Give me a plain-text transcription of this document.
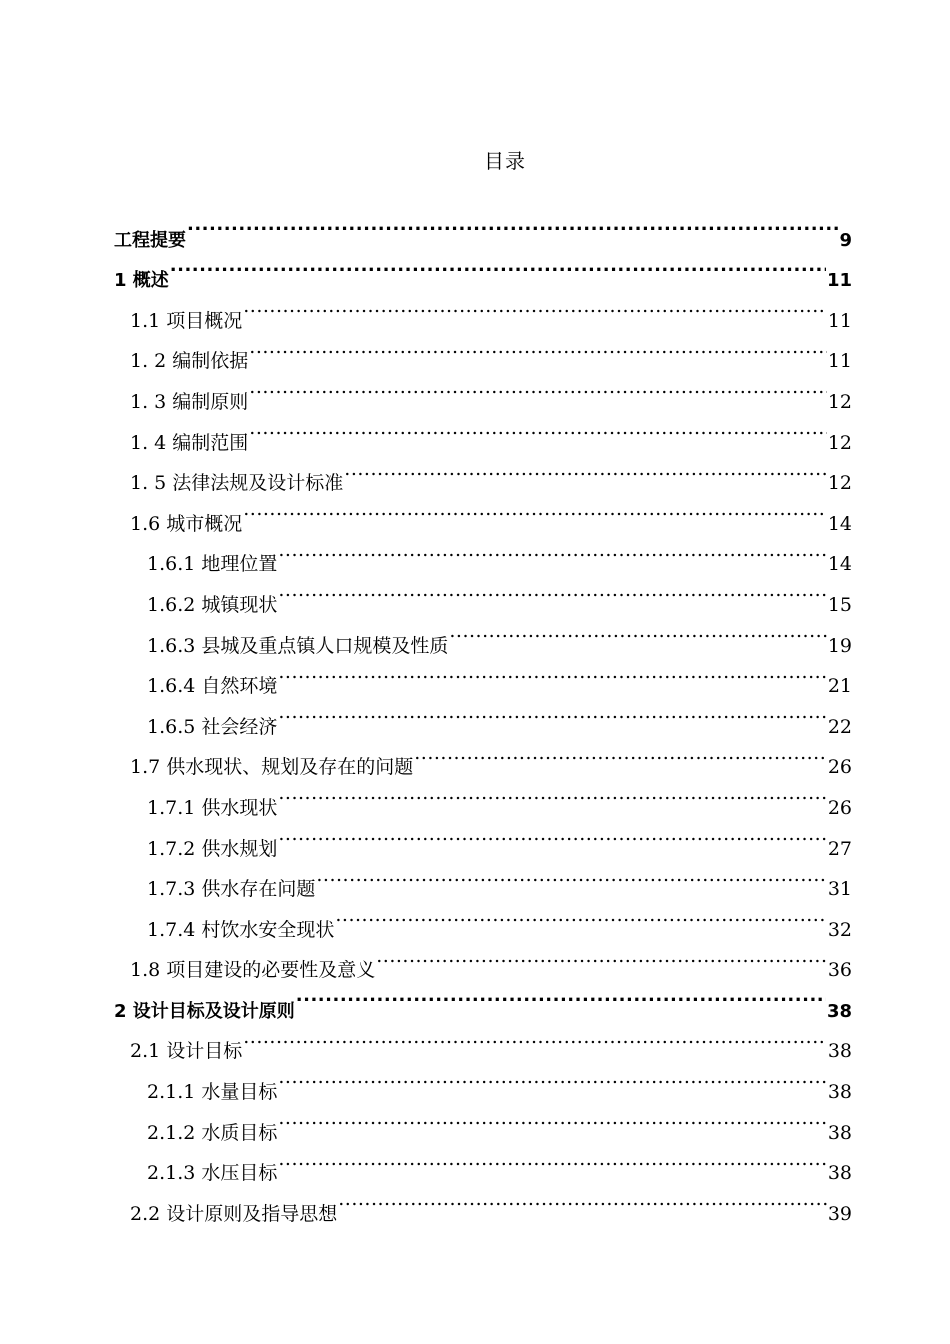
目录
工程提要 .....	9
1 概述 .....	11
1.1 项目概况 .....	11
1. 2 编制依据 .....	11
1. 3 编制原则 .....	12
1. 4 编制范围 .....	12
1. 5 法律法规及设计标准 .....	12
1.6 城市概况 .....	14
1.6.1 地理位置 .....	14
1.6.2 城镇现状 .....	15
1.6.3 县城及重点镇人口规模及性质 .....	19
1.6.4 自然环境 .....	21
1.6.5 社会经济 .....	22
1.7 供水现状、规划及存在的问题 .....	26
1.7.1 供水现状 .....	26
1.7.2 供水规划 .....	27
1.7.3 供水存在问题 .....	31
1.7.4 村饮水安全现状 .....	32
1.8 项目建设的必要性及意义 .....	36
2 设计目标及设计原则 .....	38
2.1 设计目标 .....	38
2.1.1 水量目标 .....	38
2.1.2 水质目标 .....	38
2.1.3 水压目标 .....	38
2.2 设计原则及指导思想 .....	39
